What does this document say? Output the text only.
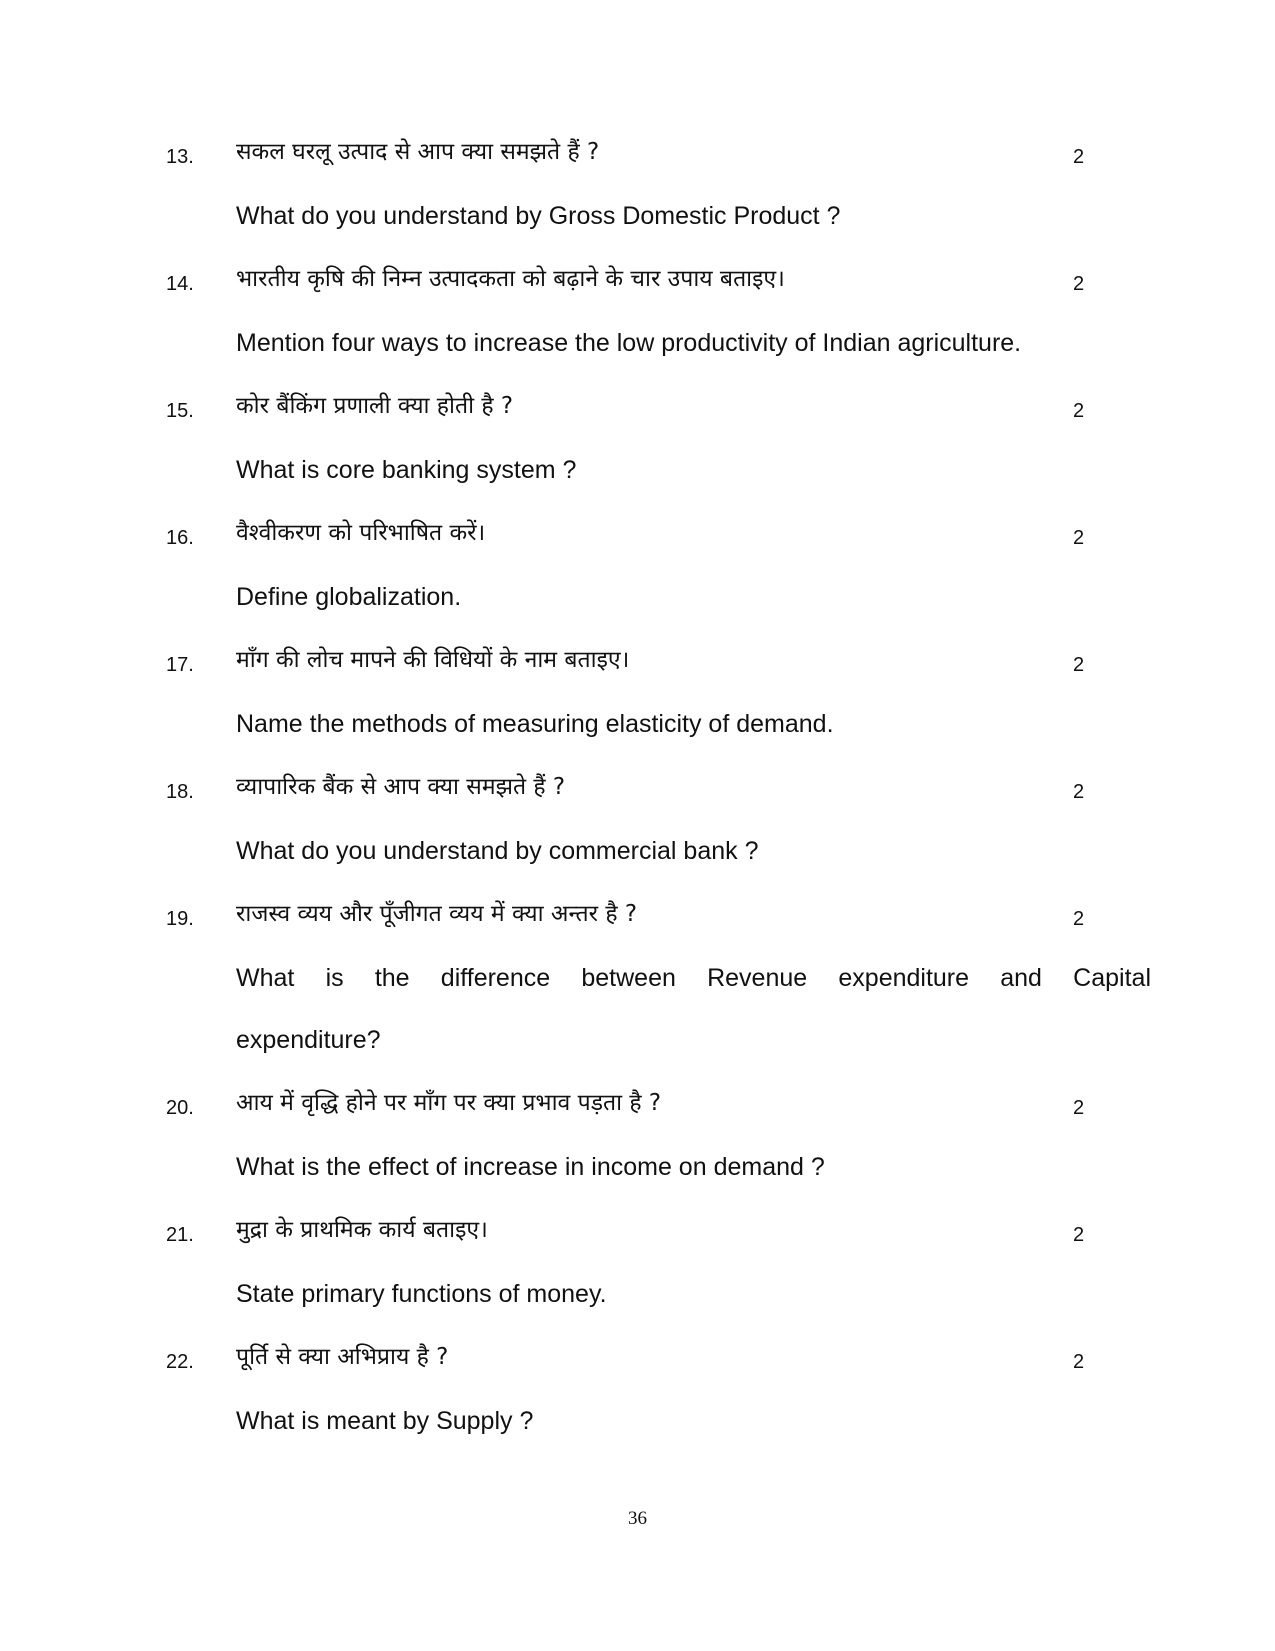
13. सकल घरलू उत्पाद से आप क्या समझते हैं ?	2
What do you understand by Gross Domestic Product ?
14. भारतीय कृषि की निम्न उत्पादकता को बढ़ाने के चार उपाय बताइए।	2
Mention four ways to increase the low productivity of Indian agriculture.
15. कोर बैंकिंग प्रणाली क्या होती है ?	2
What is core banking system ?
16. वैश्वीकरण को परिभाषित करें।	2
Define globalization.
17. माँग की लोच मापने की विधियों के नाम बताइए।	2
Name the methods of measuring elasticity of demand.
18. व्यापारिक बैंक से आप क्या समझते हैं ?	2
What do you understand by commercial bank ?
19. राजस्व व्यय और पूँजीगत व्यय में क्या अन्तर है ?	2
What is the difference between Revenue expenditure and Capital
expenditure?
20. आय में वृद्धि होने पर माँग पर क्या प्रभाव पड़ता है ?	2
What is the effect of increase in income on demand ?
21. मुद्रा के प्राथमिक कार्य बताइए।	2
State primary functions of money.
22. पूर्ति से क्या अभिप्राय है ?	2
What is meant by Supply ?
36
